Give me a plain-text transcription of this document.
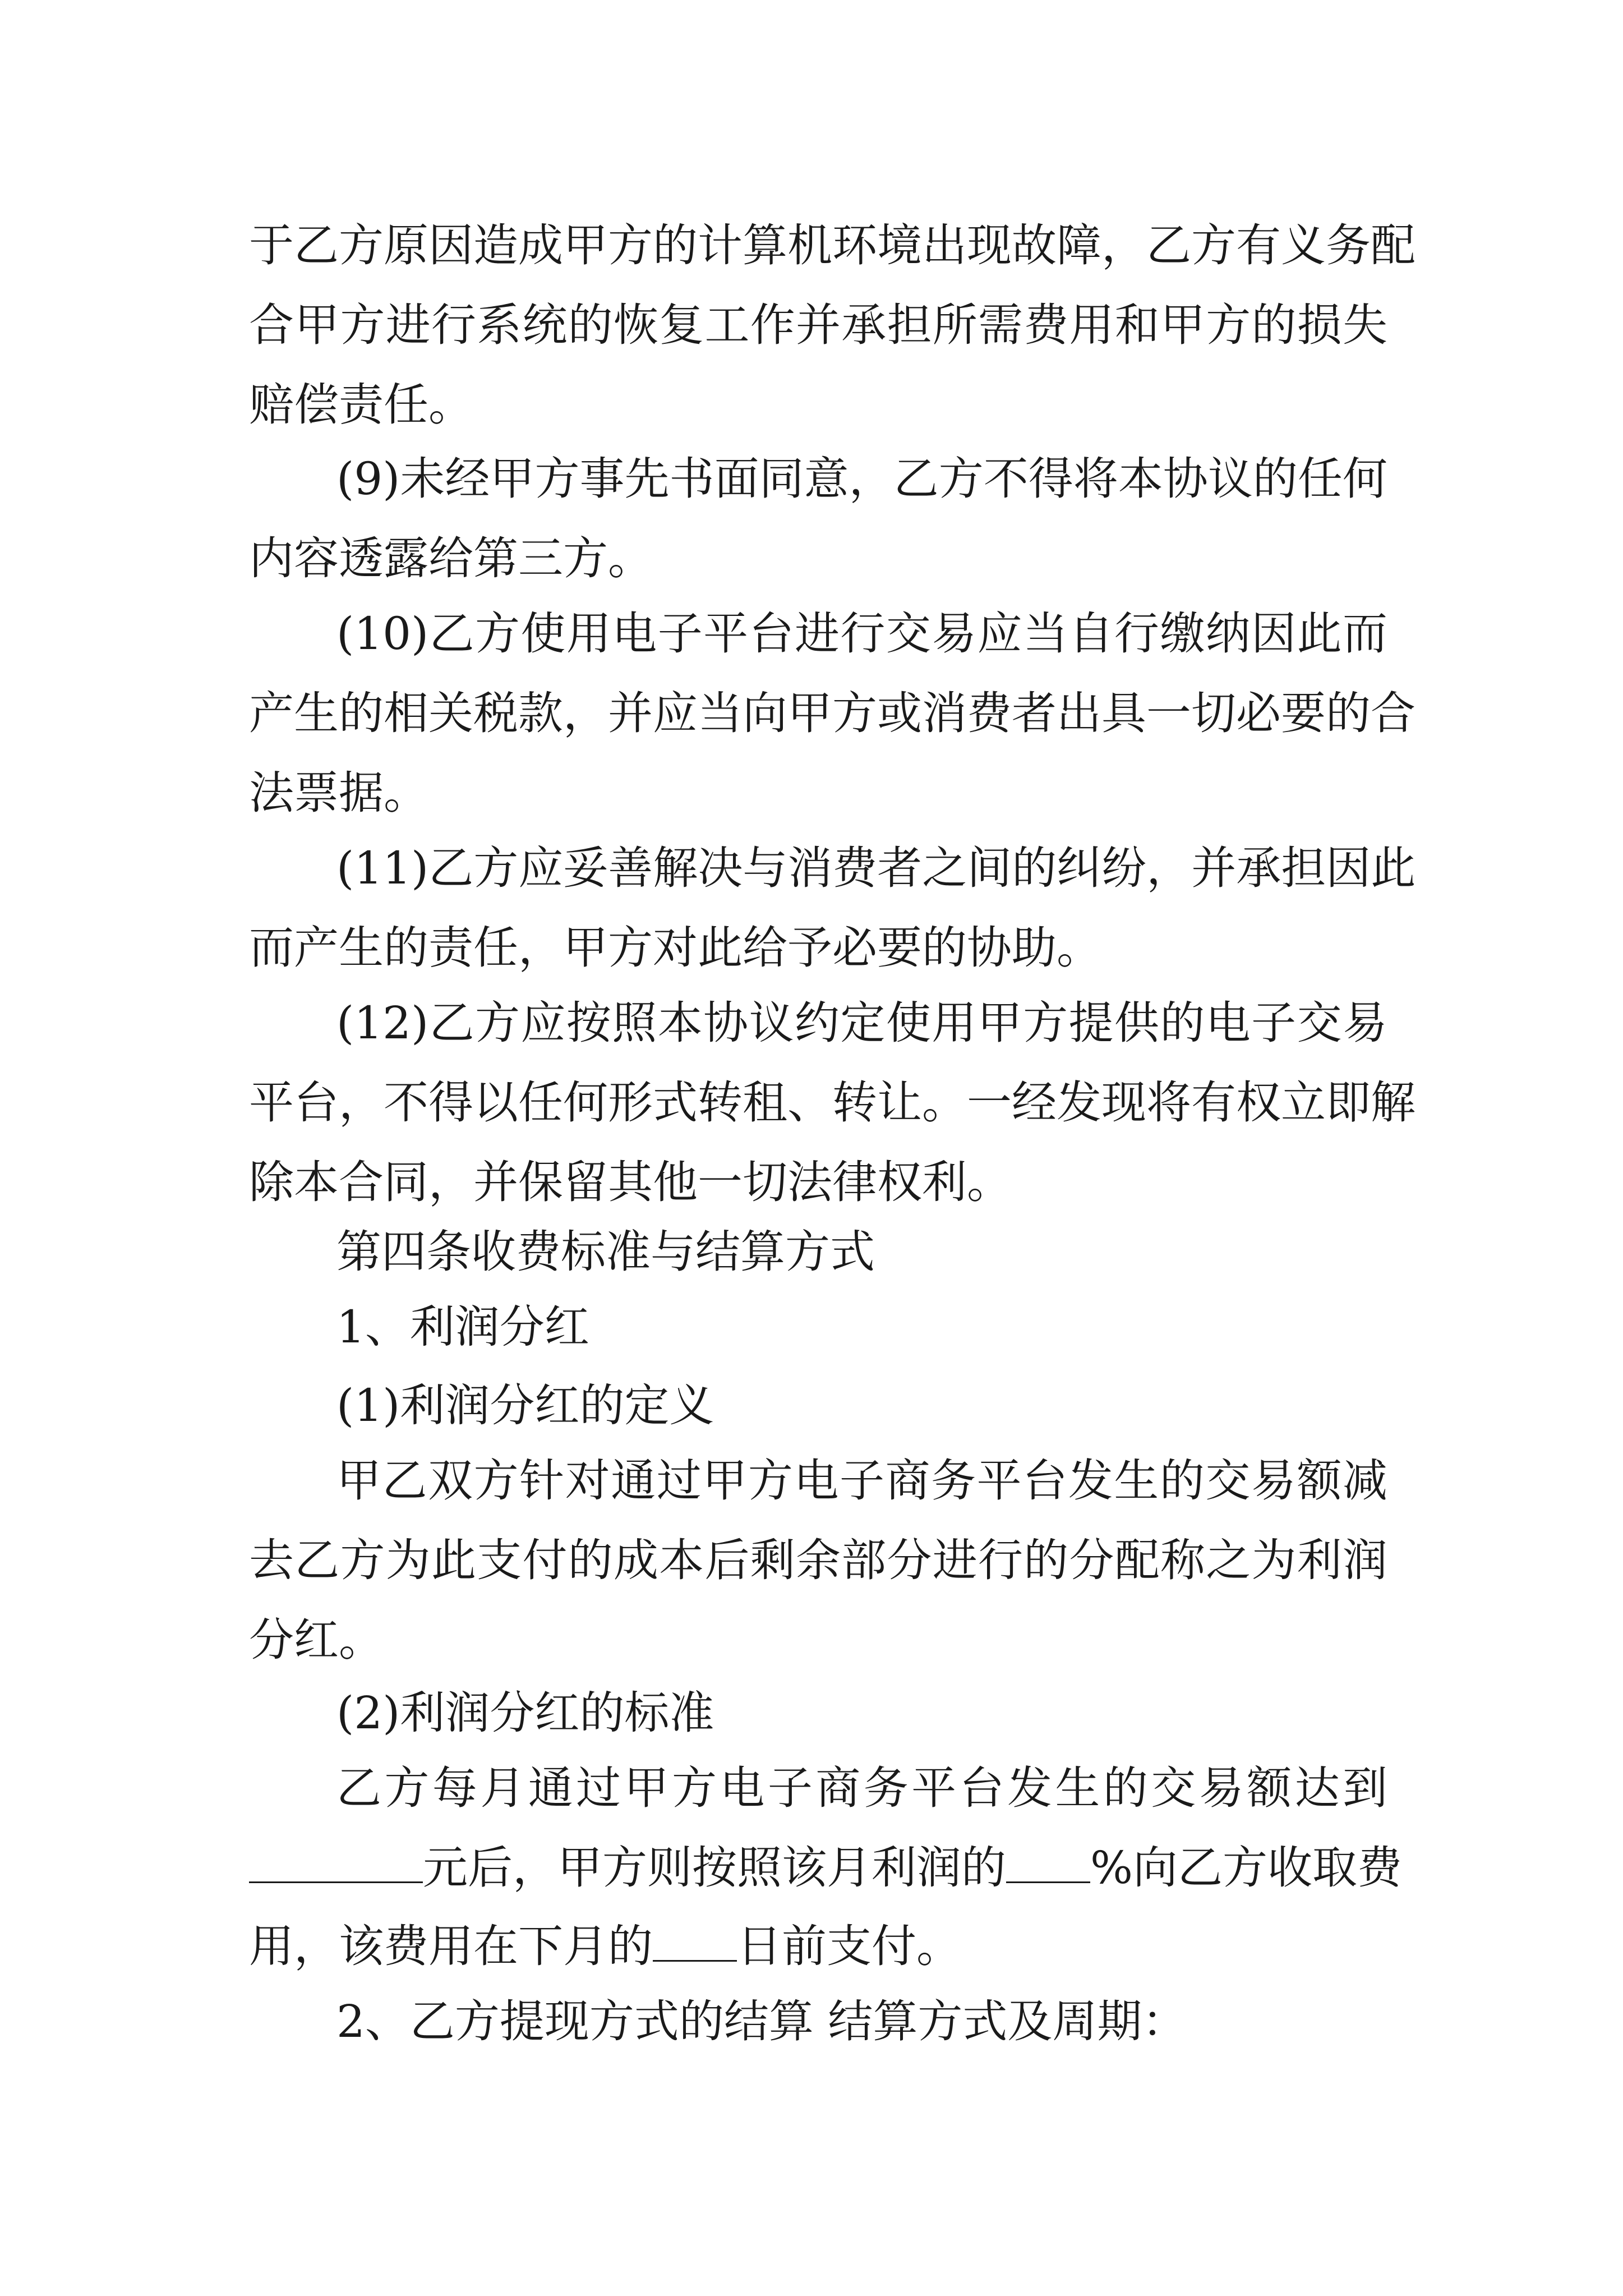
于乙方原因造成甲方的计算机环境出现故障，乙方有义务配
合甲方进行系统的恢复工作并承担所需费用和甲方的损失
赔偿责任。
(9)未经甲方事先书面同意，乙方不得将本协议的任何
内容透露给第三方。
(10)乙方使用电子平台进行交易应当自行缴纳因此而
产生的相关税款，并应当向甲方或消费者出具一切必要的合
法票据。
(11)乙方应妥善解决与消费者之间的纠纷，并承担因此
而产生的责任，甲方对此给予必要的协助。
(12)乙方应按照本协议约定使用甲方提供的电子交易
平台，不得以任何形式转租、转让。一经发现将有权立即解
除本合同，并保留其他一切法律权利。
第四条收费标准与结算方式
1、利润分红
(1)利润分红的定义
甲乙双方针对通过甲方电子商务平台发生的交易额减
去乙方为此支付的成本后剩余部分进行的分配称之为利润
分红。
(2)利润分红的标准
乙方每月通过甲方电子商务平台发生的交易额达到
元后，甲方则按照该月利润的 %向乙方收取费
用，该费用在下月的 日前支付。
2、乙方提现方式的结算 结算方式及周期：
